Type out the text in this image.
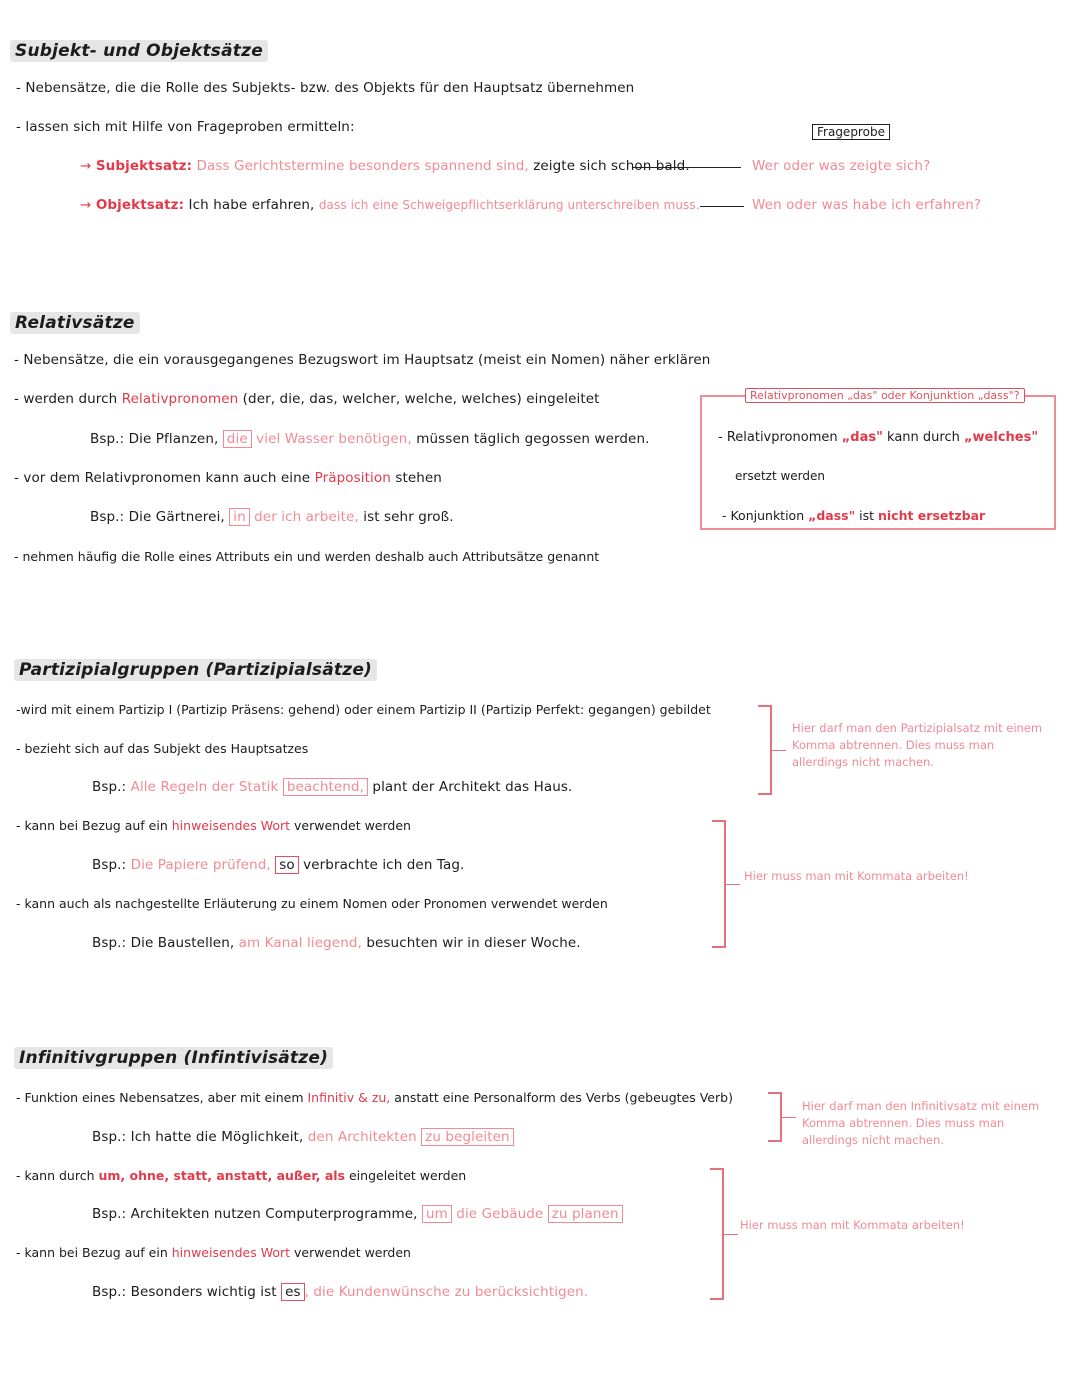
Subjekt- und Objektsätze
- Nebensätze, die die Rolle des Subjekts- bzw. des Objekts für den Hauptsatz übernehmen
- lassen sich mit Hilfe von Frageproben ermitteln:	Frageprobe
→ Subjektsatz: Dass Gerichtstermine besonders spannend sind, zeigte sich schon bald.	Wer oder was zeigte sich?
→ Objektsatz: Ich habe erfahren, dass ich eine Schweigepflichtserklärung unterschreiben muss.	Wen oder was habe ich erfahren?
Relativsätze
- Nebensätze, die ein vorausgegangenes Bezugswort im Hauptsatz (meist ein Nomen) näher erklären
- werden durch Relativpronomen (der, die, das, welcher, welche, welches) eingeleitet
Bsp.: Die Pflanzen, die viel Wasser benötigen, müssen täglich gegossen werden.
- vor dem Relativpronomen kann auch eine Präposition stehen
Bsp.: Die Gärtnerei, in der ich arbeite, ist sehr groß.
- nehmen häufig die Rolle eines Attributs ein und werden deshalb auch Attributsätze genannt
Relativpronomen „das" oder Konjunktion „dass"?
- Relativpronomen „das" kann durch „welches"
ersetzt werden
- Konjunktion „dass" ist nicht ersetzbar
Partizipialgruppen (Partizipialsätze)
-wird mit einem Partizip I (Partizip Präsens: gehend) oder einem Partizip II (Partizip Perfekt: gegangen) gebildet
- bezieht sich auf das Subjekt des Hauptsatzes
Bsp.: Alle Regeln der Statik beachtend, plant der Architekt das Haus.
- kann bei Bezug auf ein hinweisendes Wort verwendet werden
Bsp.: Die Papiere prüfend, so verbrachte ich den Tag.
- kann auch als nachgestellte Erläuterung zu einem Nomen oder Pronomen verwendet werden
Bsp.: Die Baustellen, am Kanal liegend, besuchten wir in dieser Woche.
Hier darf man den Partizipialsatz mit einem Komma abtrennen. Dies muss man allerdings nicht machen.
Hier muss man mit Kommata arbeiten!
Infinitivgruppen (Infintivisätze)
- Funktion eines Nebensatzes, aber mit einem Infinitiv & zu, anstatt eine Personalform des Verbs (gebeugtes Verb)
Bsp.: Ich hatte die Möglichkeit, den Architekten zu begleiten
- kann durch um, ohne, statt, anstatt, außer, als eingeleitet werden
Bsp.: Architekten nutzen Computerprogramme, um die Gebäude zu planen
- kann bei Bezug auf ein hinweisendes Wort verwendet werden
Bsp.: Besonders wichtig ist es , die Kundenwünsche zu berücksichtigen.
Hier darf man den Infinitivsatz mit einem Komma abtrennen. Dies muss man allerdings nicht machen.
Hier muss man mit Kommata arbeiten!
